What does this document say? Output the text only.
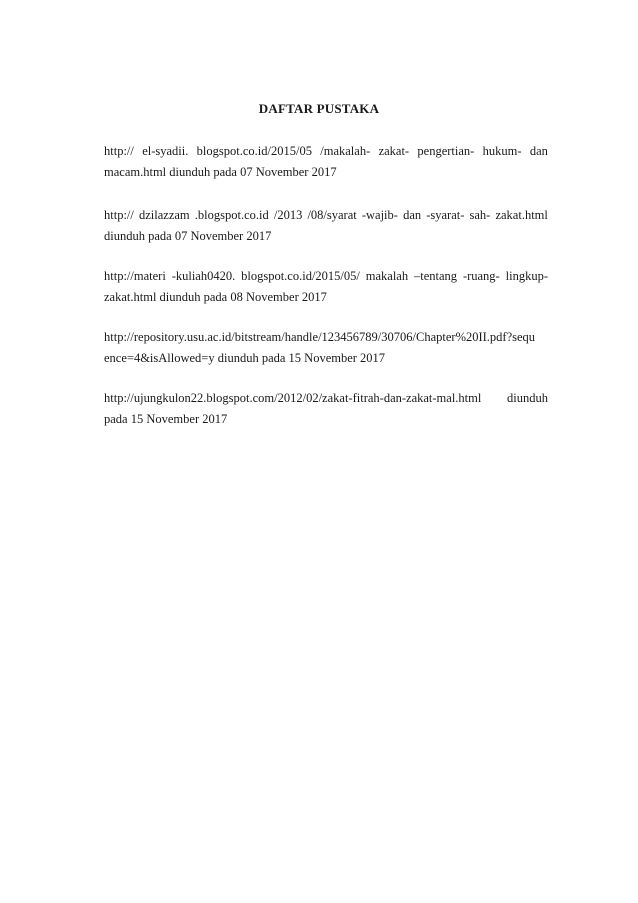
DAFTAR PUSTAKA
http:// el-syadii. blogspot.co.id/2015/05 /makalah- zakat- pengertian- hukum- dan
macam.html diunduh pada 07 November 2017
http:// dzilazzam .blogspot.co.id /2013 /08/syarat -wajib- dan -syarat- sah- zakat.html
diunduh pada 07 November 2017
http://materi -kuliah0420. blogspot.co.id/2015/05/ makalah –tentang -ruang- lingkup-
zakat.html diunduh pada 08 November 2017
http://repository.usu.ac.id/bitstream/handle/123456789/30706/Chapter%20II.pdf?sequ
ence=4&isAllowed=y diunduh pada 15 November 2017
http://ujungkulon22.blogspot.com/2012/02/zakat-fitrah-dan-zakat-mal.html diunduh
pada 15 November 2017
